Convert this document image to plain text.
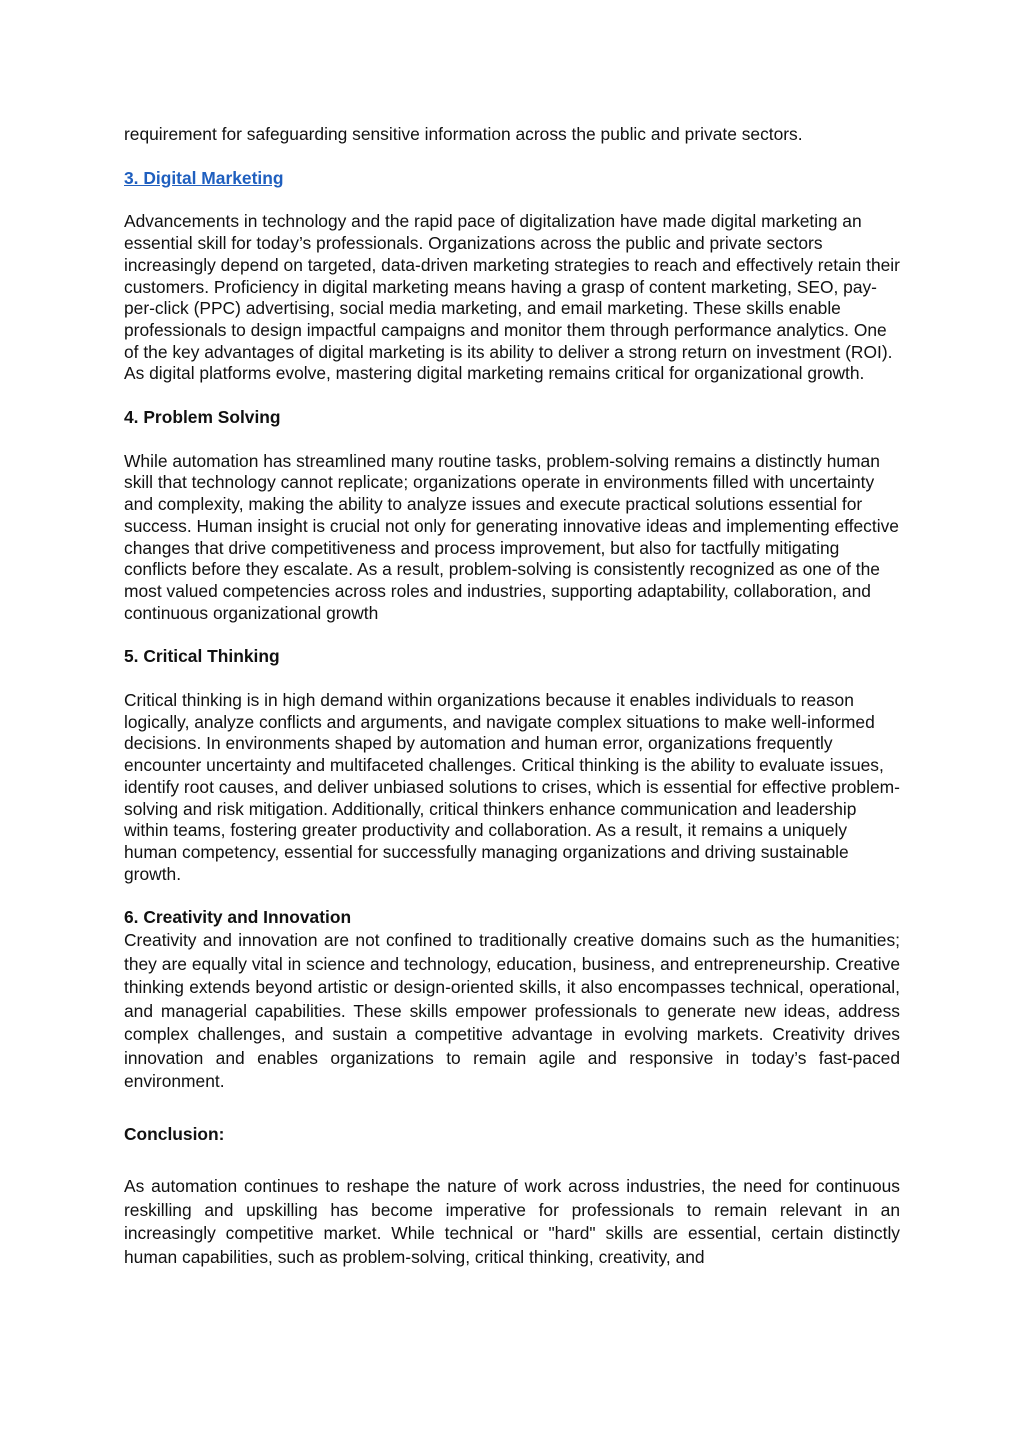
requirement for safeguarding sensitive information across the public and private sectors.

3. Digital Marketing

Advancements in technology and the rapid pace of digitalization have made digital marketing an essential skill for today’s professionals. Organizations across the public and private sectors increasingly depend on targeted, data-driven marketing strategies to reach and effectively retain their customers. Proficiency in digital marketing means having a grasp of content marketing, SEO, pay-per-click (PPC) advertising, social media marketing, and email marketing. These skills enable professionals to design impactful campaigns and monitor them through performance analytics. One of the key advantages of digital marketing is its ability to deliver a strong return on investment (ROI). As digital platforms evolve, mastering digital marketing remains critical for organizational growth.

4. Problem Solving

While automation has streamlined many routine tasks, problem-solving remains a distinctly human skill that technology cannot replicate; organizations operate in environments filled with uncertainty and complexity, making the ability to analyze issues and execute practical solutions essential for success. Human insight is crucial not only for generating innovative ideas and implementing effective changes that drive competitiveness and process improvement, but also for tactfully mitigating conflicts before they escalate. As a result, problem-solving is consistently recognized as one of the most valued competencies across roles and industries, supporting adaptability, collaboration, and continuous organizational growth

5. Critical Thinking

Critical thinking is in high demand within organizations because it enables individuals to reason logically, analyze conflicts and arguments, and navigate complex situations to make well-informed decisions. In environments shaped by automation and human error, organizations frequently encounter uncertainty and multifaceted challenges. Critical thinking is the ability to evaluate issues, identify root causes, and deliver unbiased solutions to crises, which is essential for effective problem-solving and risk mitigation. Additionally, critical thinkers enhance communication and leadership within teams, fostering greater productivity and collaboration. As a result, it remains a uniquely human competency, essential for successfully managing organizations and driving sustainable growth.

6. Creativity and Innovation

Creativity and innovation are not confined to traditionally creative domains such as the humanities; they are equally vital in science and technology, education, business, and entrepreneurship. Creative thinking extends beyond artistic or design-oriented skills, it also encompasses technical, operational, and managerial capabilities. These skills empower professionals to generate new ideas, address complex challenges, and sustain a competitive advantage in evolving markets. Creativity drives innovation and enables organizations to remain agile and responsive in today’s fast-paced environment.

Conclusion:

As automation continues to reshape the nature of work across industries, the need for continuous reskilling and upskilling has become imperative for professionals to remain relevant in an increasingly competitive market. While technical or "hard" skills are essential, certain distinctly human capabilities, such as problem-solving, critical thinking, creativity, and
